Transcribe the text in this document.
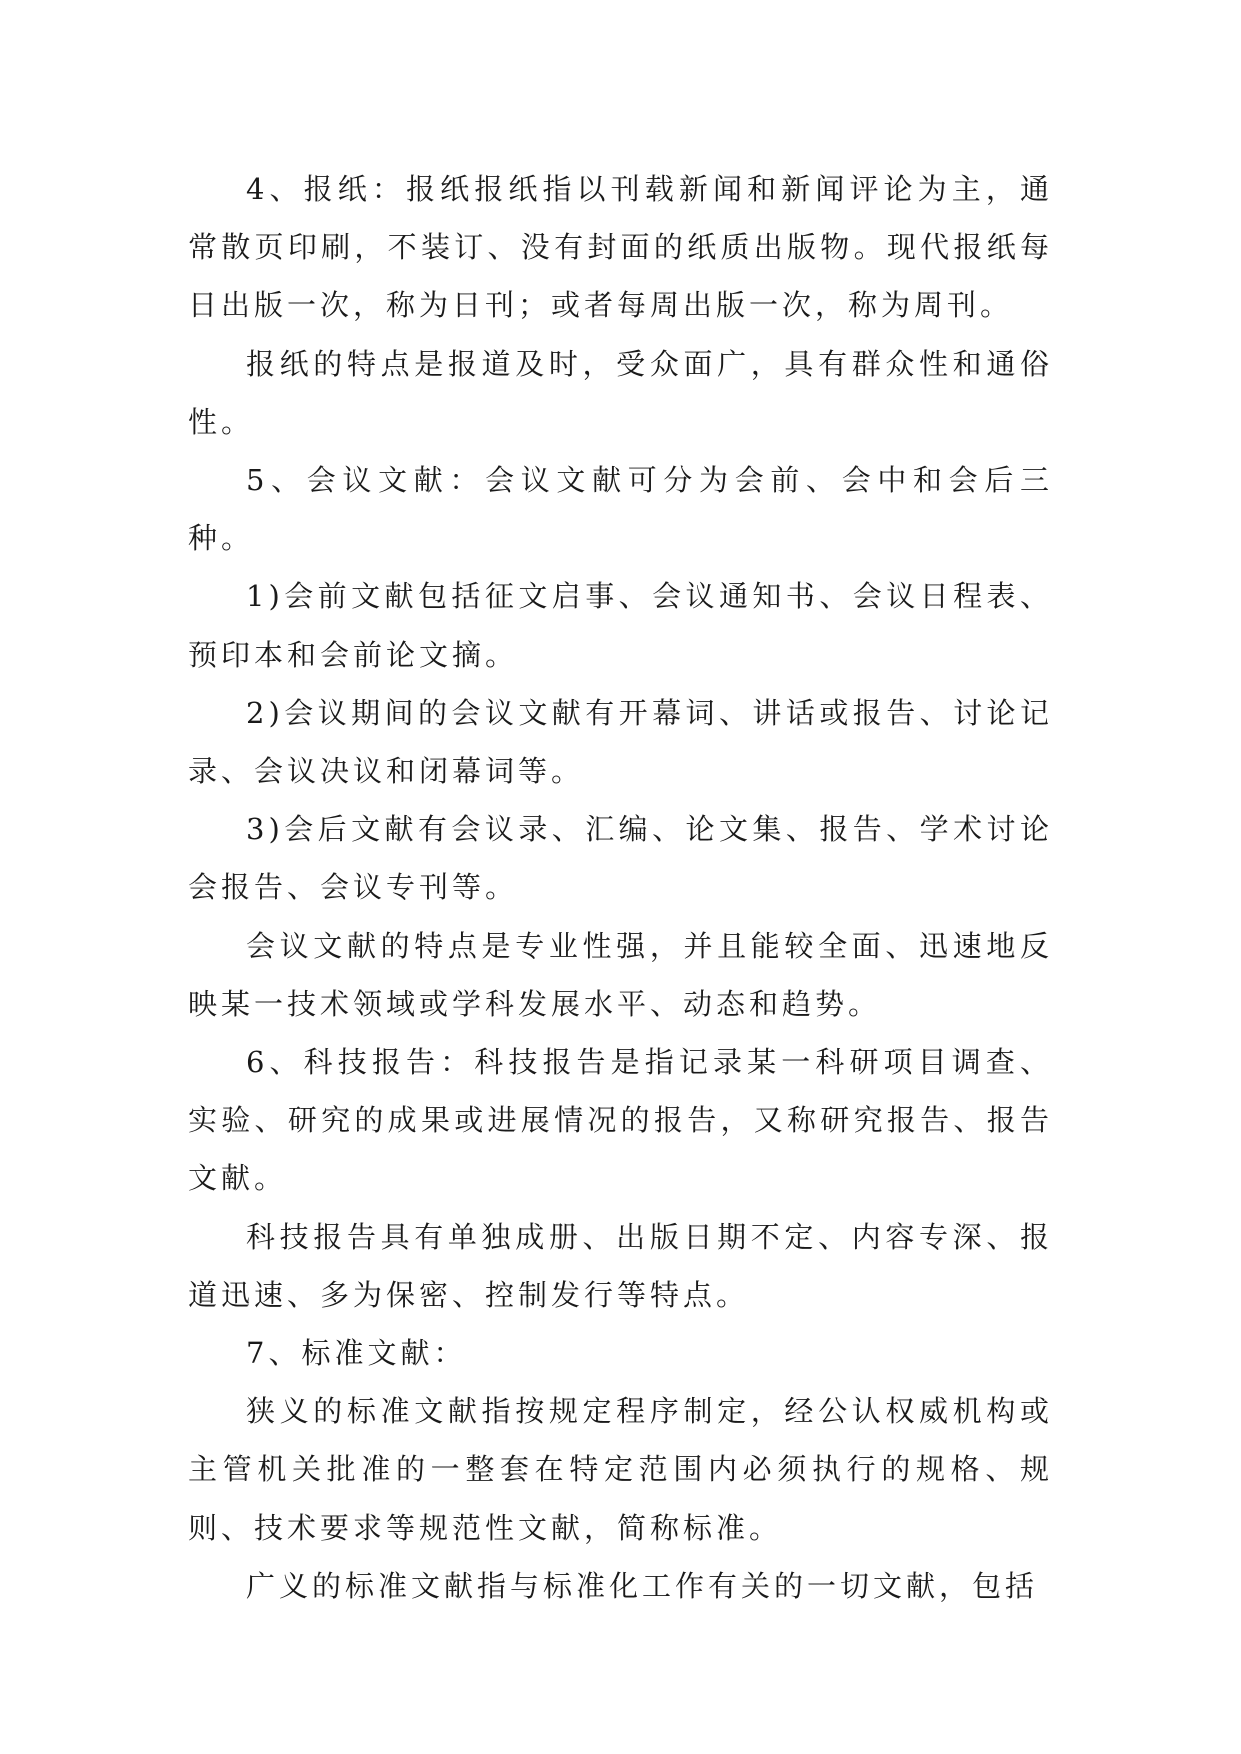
4、报纸：报纸报纸指以刊载新闻和新闻评论为主，通常散页印刷，不装订、没有封面的纸质出版物。现代报纸每日出版一次，称为日刊；或者每周出版一次，称为周刊。

报纸的特点是报道及时，受众面广，具有群众性和通俗性。

5、会议文献：会议文献可分为会前、会中和会后三种。

1)会前文献包括征文启事、会议通知书、会议日程表、预印本和会前论文摘。

2)会议期间的会议文献有开幕词、讲话或报告、讨论记录、会议决议和闭幕词等。

3)会后文献有会议录、汇编、论文集、报告、学术讨论会报告、会议专刊等。

会议文献的特点是专业性强，并且能较全面、迅速地反映某一技术领域或学科发展水平、动态和趋势。

6、科技报告：科技报告是指记录某一科研项目调查、实验、研究的成果或进展情况的报告，又称研究报告、报告文献。

科技报告具有单独成册、出版日期不定、内容专深、报道迅速、多为保密、控制发行等特点。

7、标准文献：

狭义的标准文献指按规定程序制定，经公认权威机构或主管机关批准的一整套在特定范围内必须执行的规格、规则、技术要求等规范性文献，简称标准。

广义的标准文献指与标准化工作有关的一切文献，包括
